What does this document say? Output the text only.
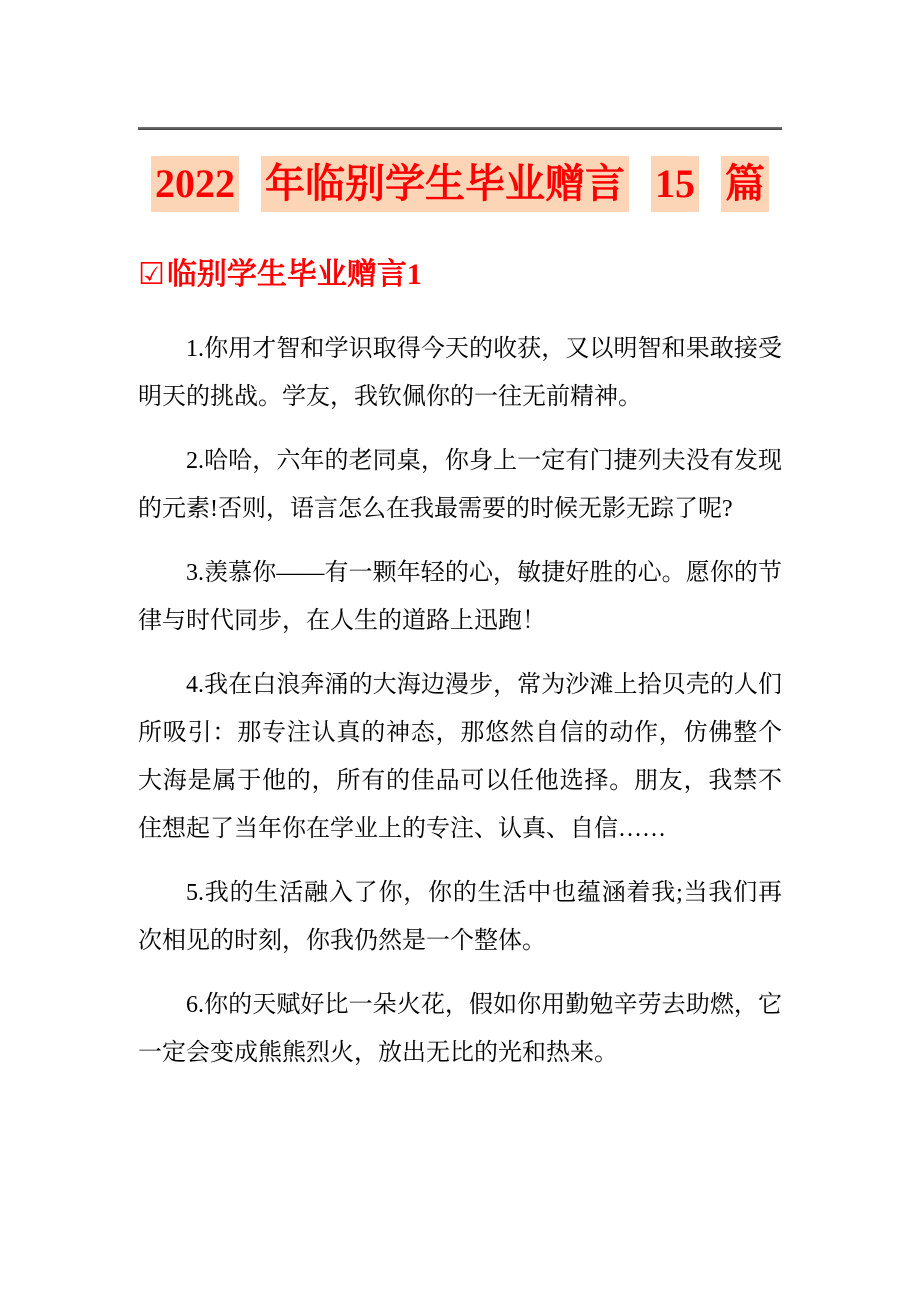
2022 年临别学生毕业赠言 15 篇
☑临别学生毕业赠言1

1.你用才智和学识取得今天的收获，又以明智和果敢接受明天的挑战。学友，我钦佩你的一往无前精神。

2.哈哈，六年的老同桌，你身上一定有门捷列夫没有发现的元素!否则，语言怎么在我最需要的时候无影无踪了呢?

3.羡慕你——有一颗年轻的心，敏捷好胜的心。愿你的节律与时代同步，在人生的道路上迅跑！

4.我在白浪奔涌的大海边漫步，常为沙滩上拾贝壳的人们所吸引：那专注认真的神态，那悠然自信的动作，仿佛整个大海是属于他的，所有的佳品可以任他选择。朋友，我禁不住想起了当年你在学业上的专注、认真、自信……

5.我的生活融入了你，你的生活中也蕴涵着我;当我们再次相见的时刻，你我仍然是一个整体。

6.你的天赋好比一朵火花，假如你用勤勉辛劳去助燃，它一定会变成熊熊烈火，放出无比的光和热来。
